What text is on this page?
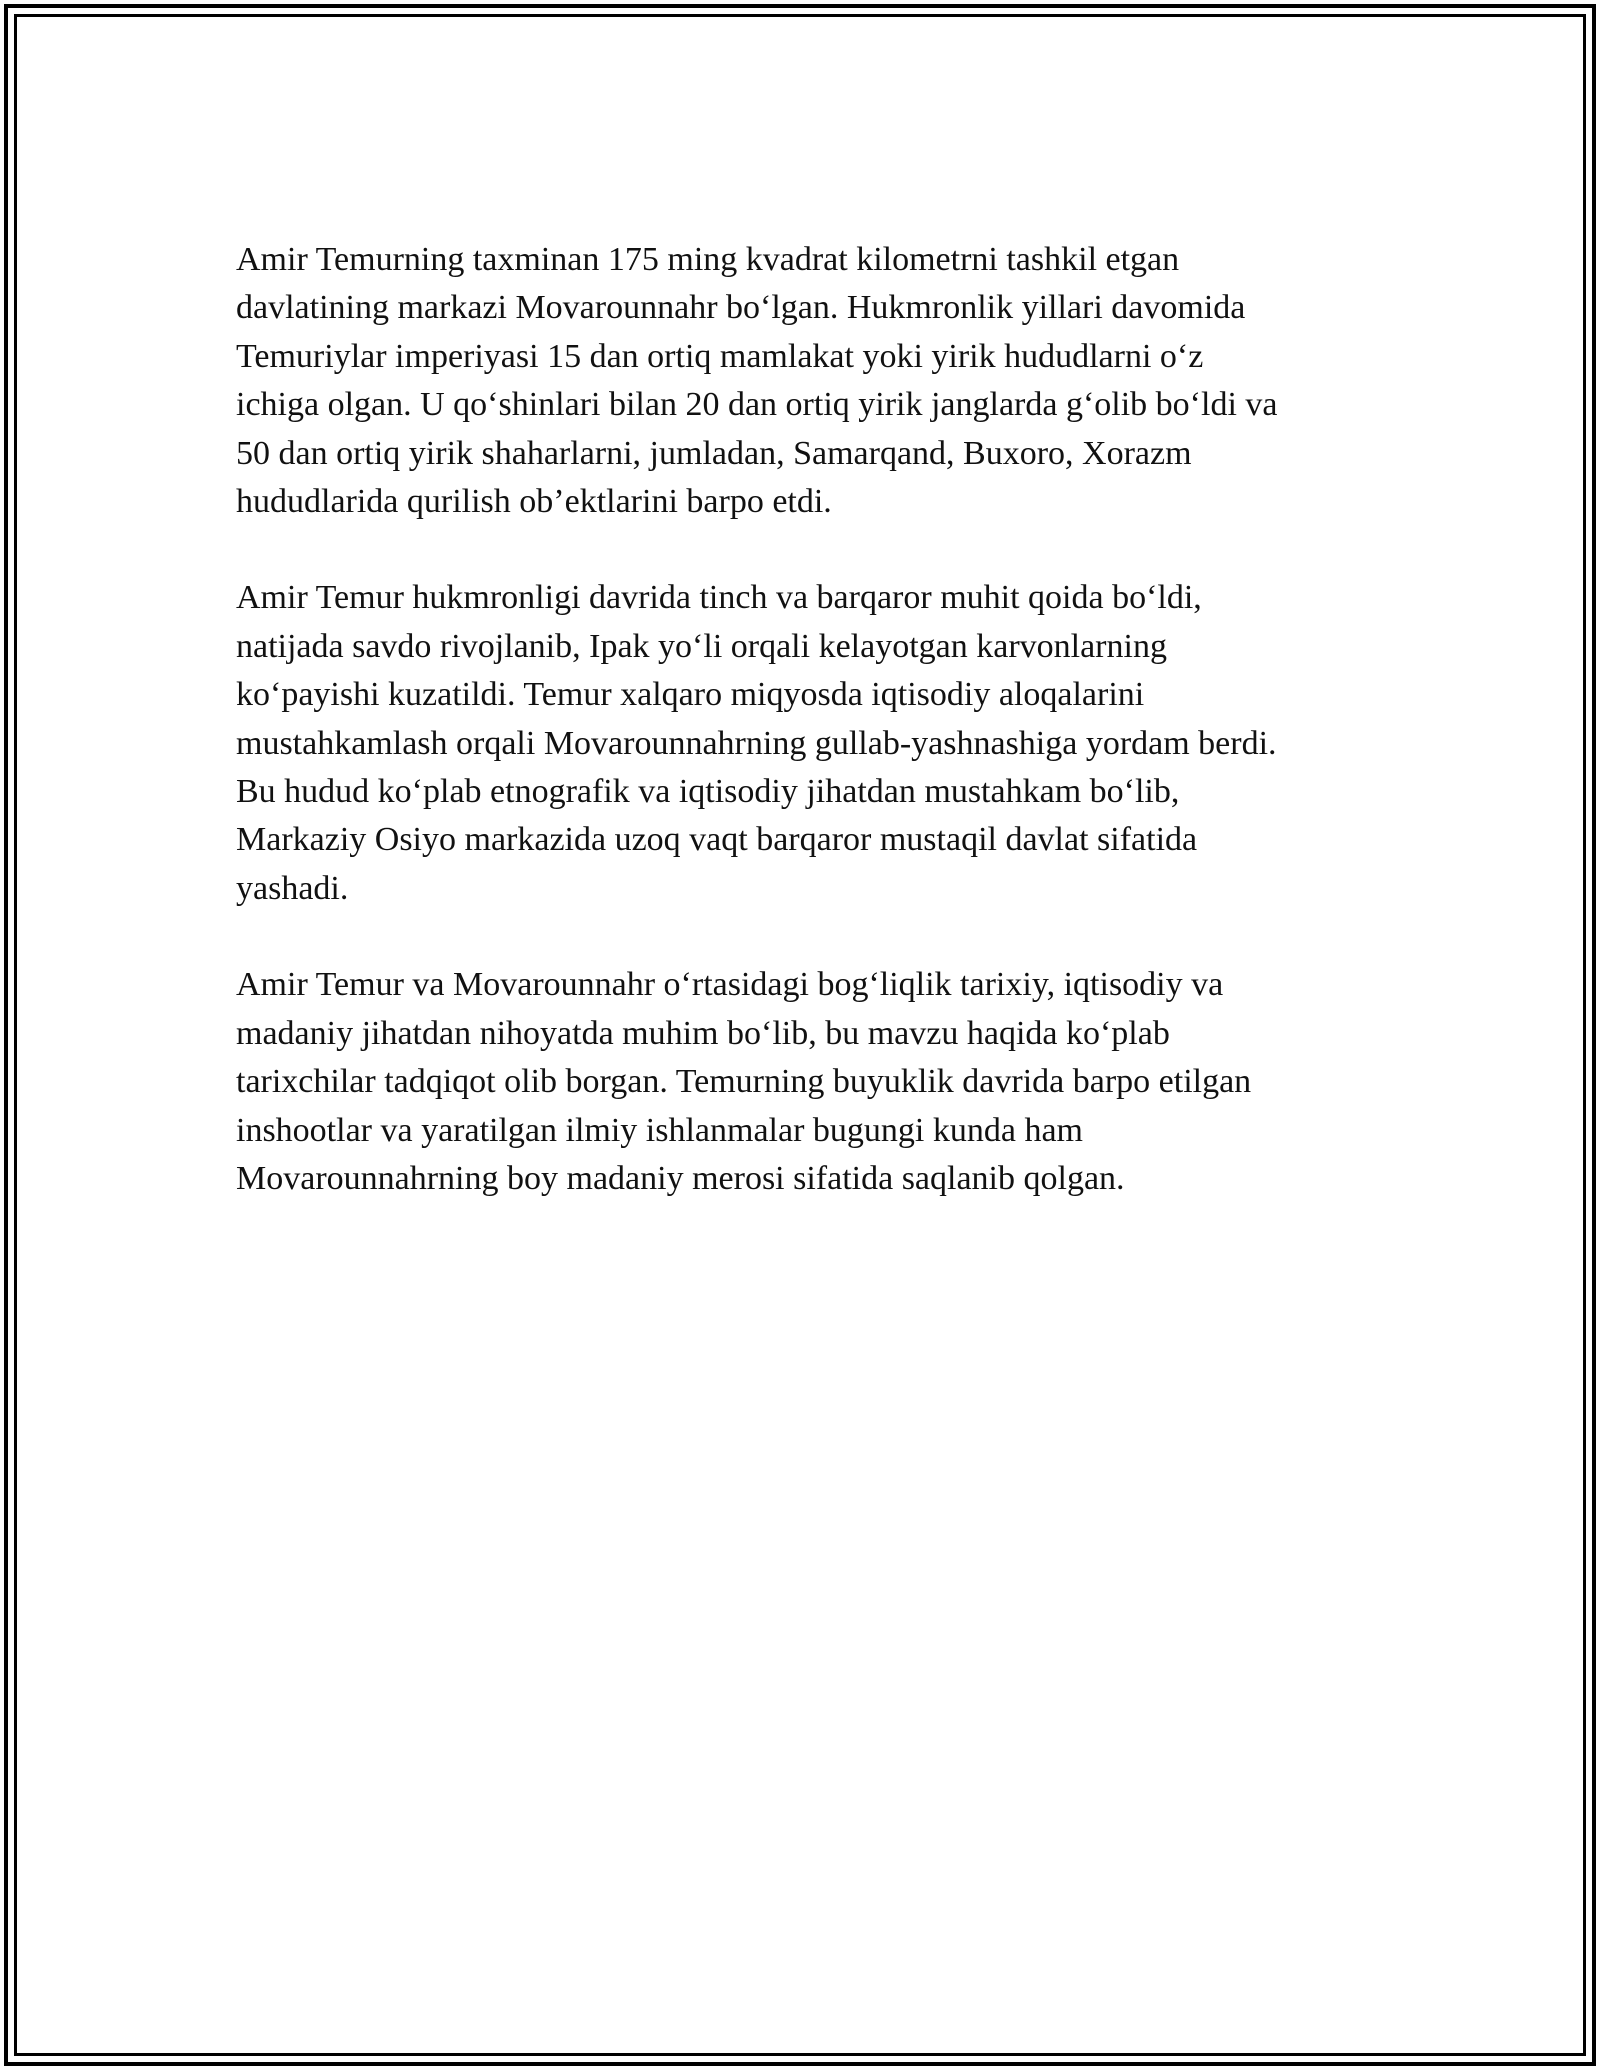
Amir Temurning taxminan 175 ming kvadrat kilometrni tashkil etgan
davlatining markazi Movarounnahr bo‘lgan. Hukmronlik yillari davomida
Temuriylar imperiyasi 15 dan ortiq mamlakat yoki yirik hududlarni o‘z
ichiga olgan. U qo‘shinlari bilan 20 dan ortiq yirik janglarda g‘olib bo‘ldi va
50 dan ortiq yirik shaharlarni, jumladan, Samarqand, Buxoro, Xorazm
hududlarida qurilish ob’ektlarini barpo etdi.

Amir Temur hukmronligi davrida tinch va barqaror muhit qoida bo‘ldi,
natijada savdo rivojlanib, Ipak yo‘li orqali kelayotgan karvonlarning
ko‘payishi kuzatildi. Temur xalqaro miqyosda iqtisodiy aloqalarini
mustahkamlash orqali Movarounnahrning gullab-yashnashiga yordam berdi.
Bu hudud ko‘plab etnografik va iqtisodiy jihatdan mustahkam bo‘lib,
Markaziy Osiyo markazida uzoq vaqt barqaror mustaqil davlat sifatida
yashadi.

Amir Temur va Movarounnahr o‘rtasidagi bog‘liqlik tarixiy, iqtisodiy va
madaniy jihatdan nihoyatda muhim bo‘lib, bu mavzu haqida ko‘plab
tarixchilar tadqiqot olib borgan. Temurning buyuklik davrida barpo etilgan
inshootlar va yaratilgan ilmiy ishlanmalar bugungi kunda ham
Movarounnahrning boy madaniy merosi sifatida saqlanib qolgan.
